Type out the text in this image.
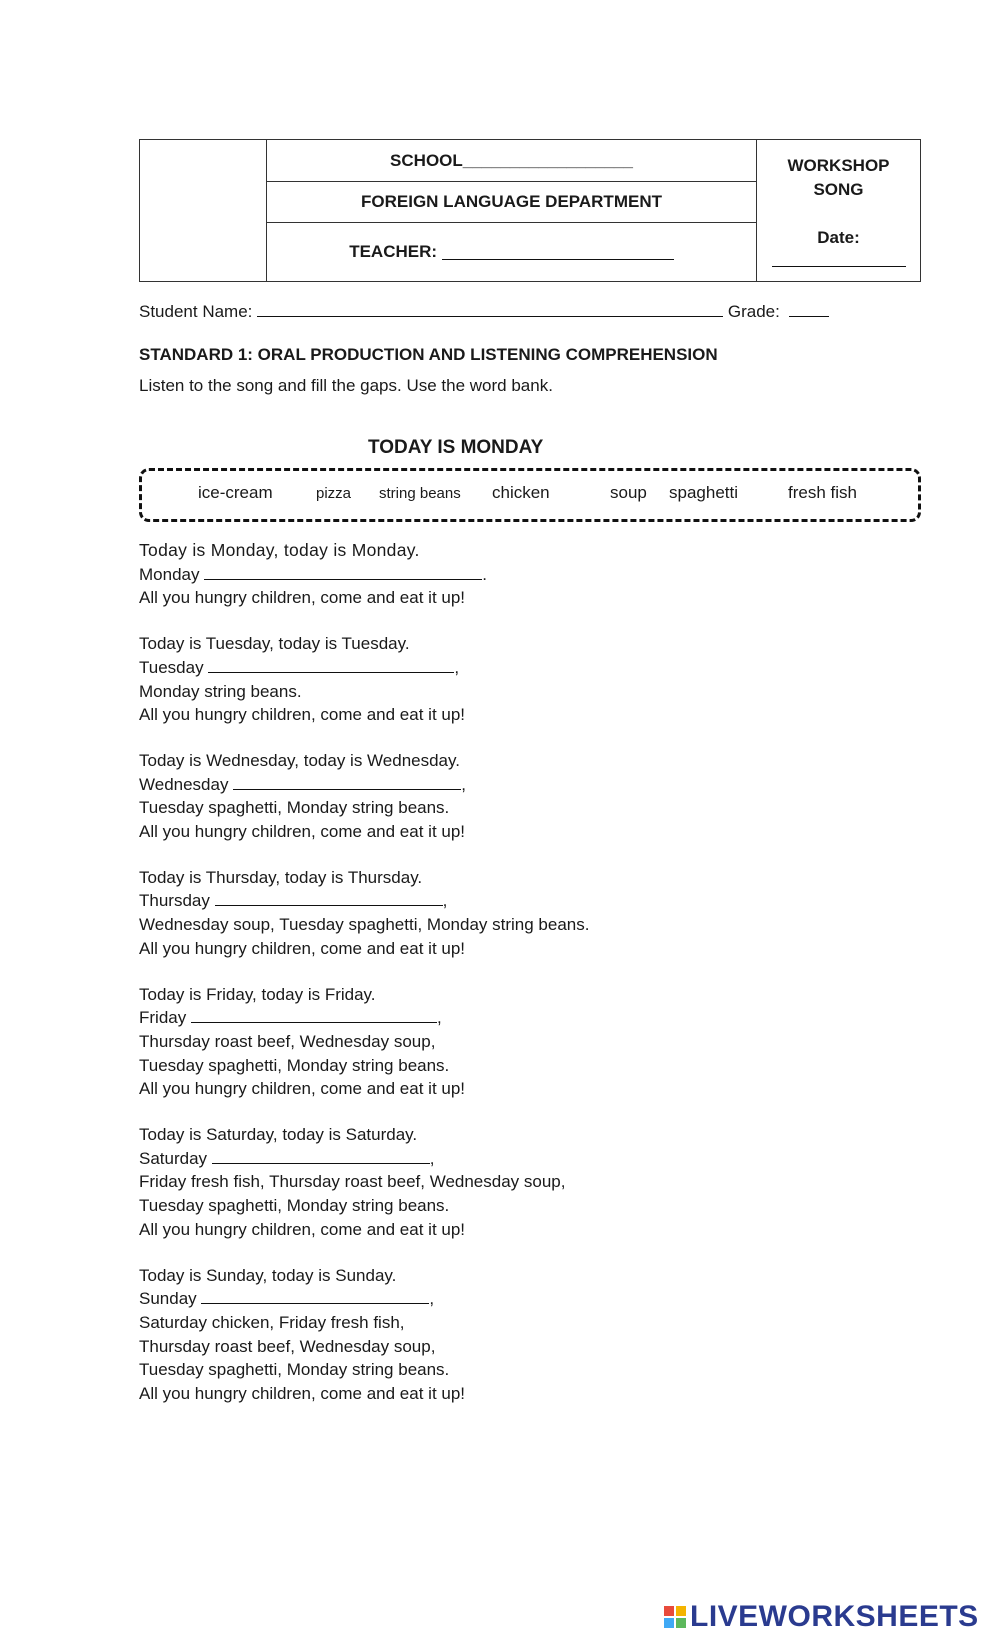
SCHOOL__________________
FOREIGN LANGUAGE DEPARTMENT
TEACHER:

WORKSHOP
SONG
Date:
Student Name:	Grade:
STANDARD 1: ORAL PRODUCTION AND LISTENING COMPREHENSION
Listen to the song and fill the gaps. Use the word bank.
TODAY IS MONDAY
ice-cream	pizza string beans chicken	soup spaghetti	fresh fish

Today is Monday, today is Monday.

Monday	.

All you hungry children, come and eat it up!

Today is Tuesday, today is Tuesday.

Tuesday	,

Monday string beans.

All you hungry children, come and eat it up!

Today is Wednesday, today is Wednesday.

Wednesday	,

Tuesday spaghetti, Monday string beans.

All you hungry children, come and eat it up!

Today is Thursday, today is Thursday.

Thursday	,

Wednesday soup, Tuesday spaghetti, Monday string beans.

All you hungry children, come and eat it up!

Today is Friday, today is Friday.

Friday	,

Thursday roast beef, Wednesday soup,

Tuesday spaghetti, Monday string beans.

All you hungry children, come and eat it up!

Today is Saturday, today is Saturday.

Saturday	,

Friday fresh fish, Thursday roast beef, Wednesday soup,

Tuesday spaghetti, Monday string beans.

All you hungry children, come and eat it up!

Today is Sunday, today is Sunday.

Sunday	,

Saturday chicken, Friday fresh fish,

Thursday roast beef, Wednesday soup,

Tuesday spaghetti, Monday string beans.

All you hungry children, come and eat it up!

LIVEWORKSHEETS
